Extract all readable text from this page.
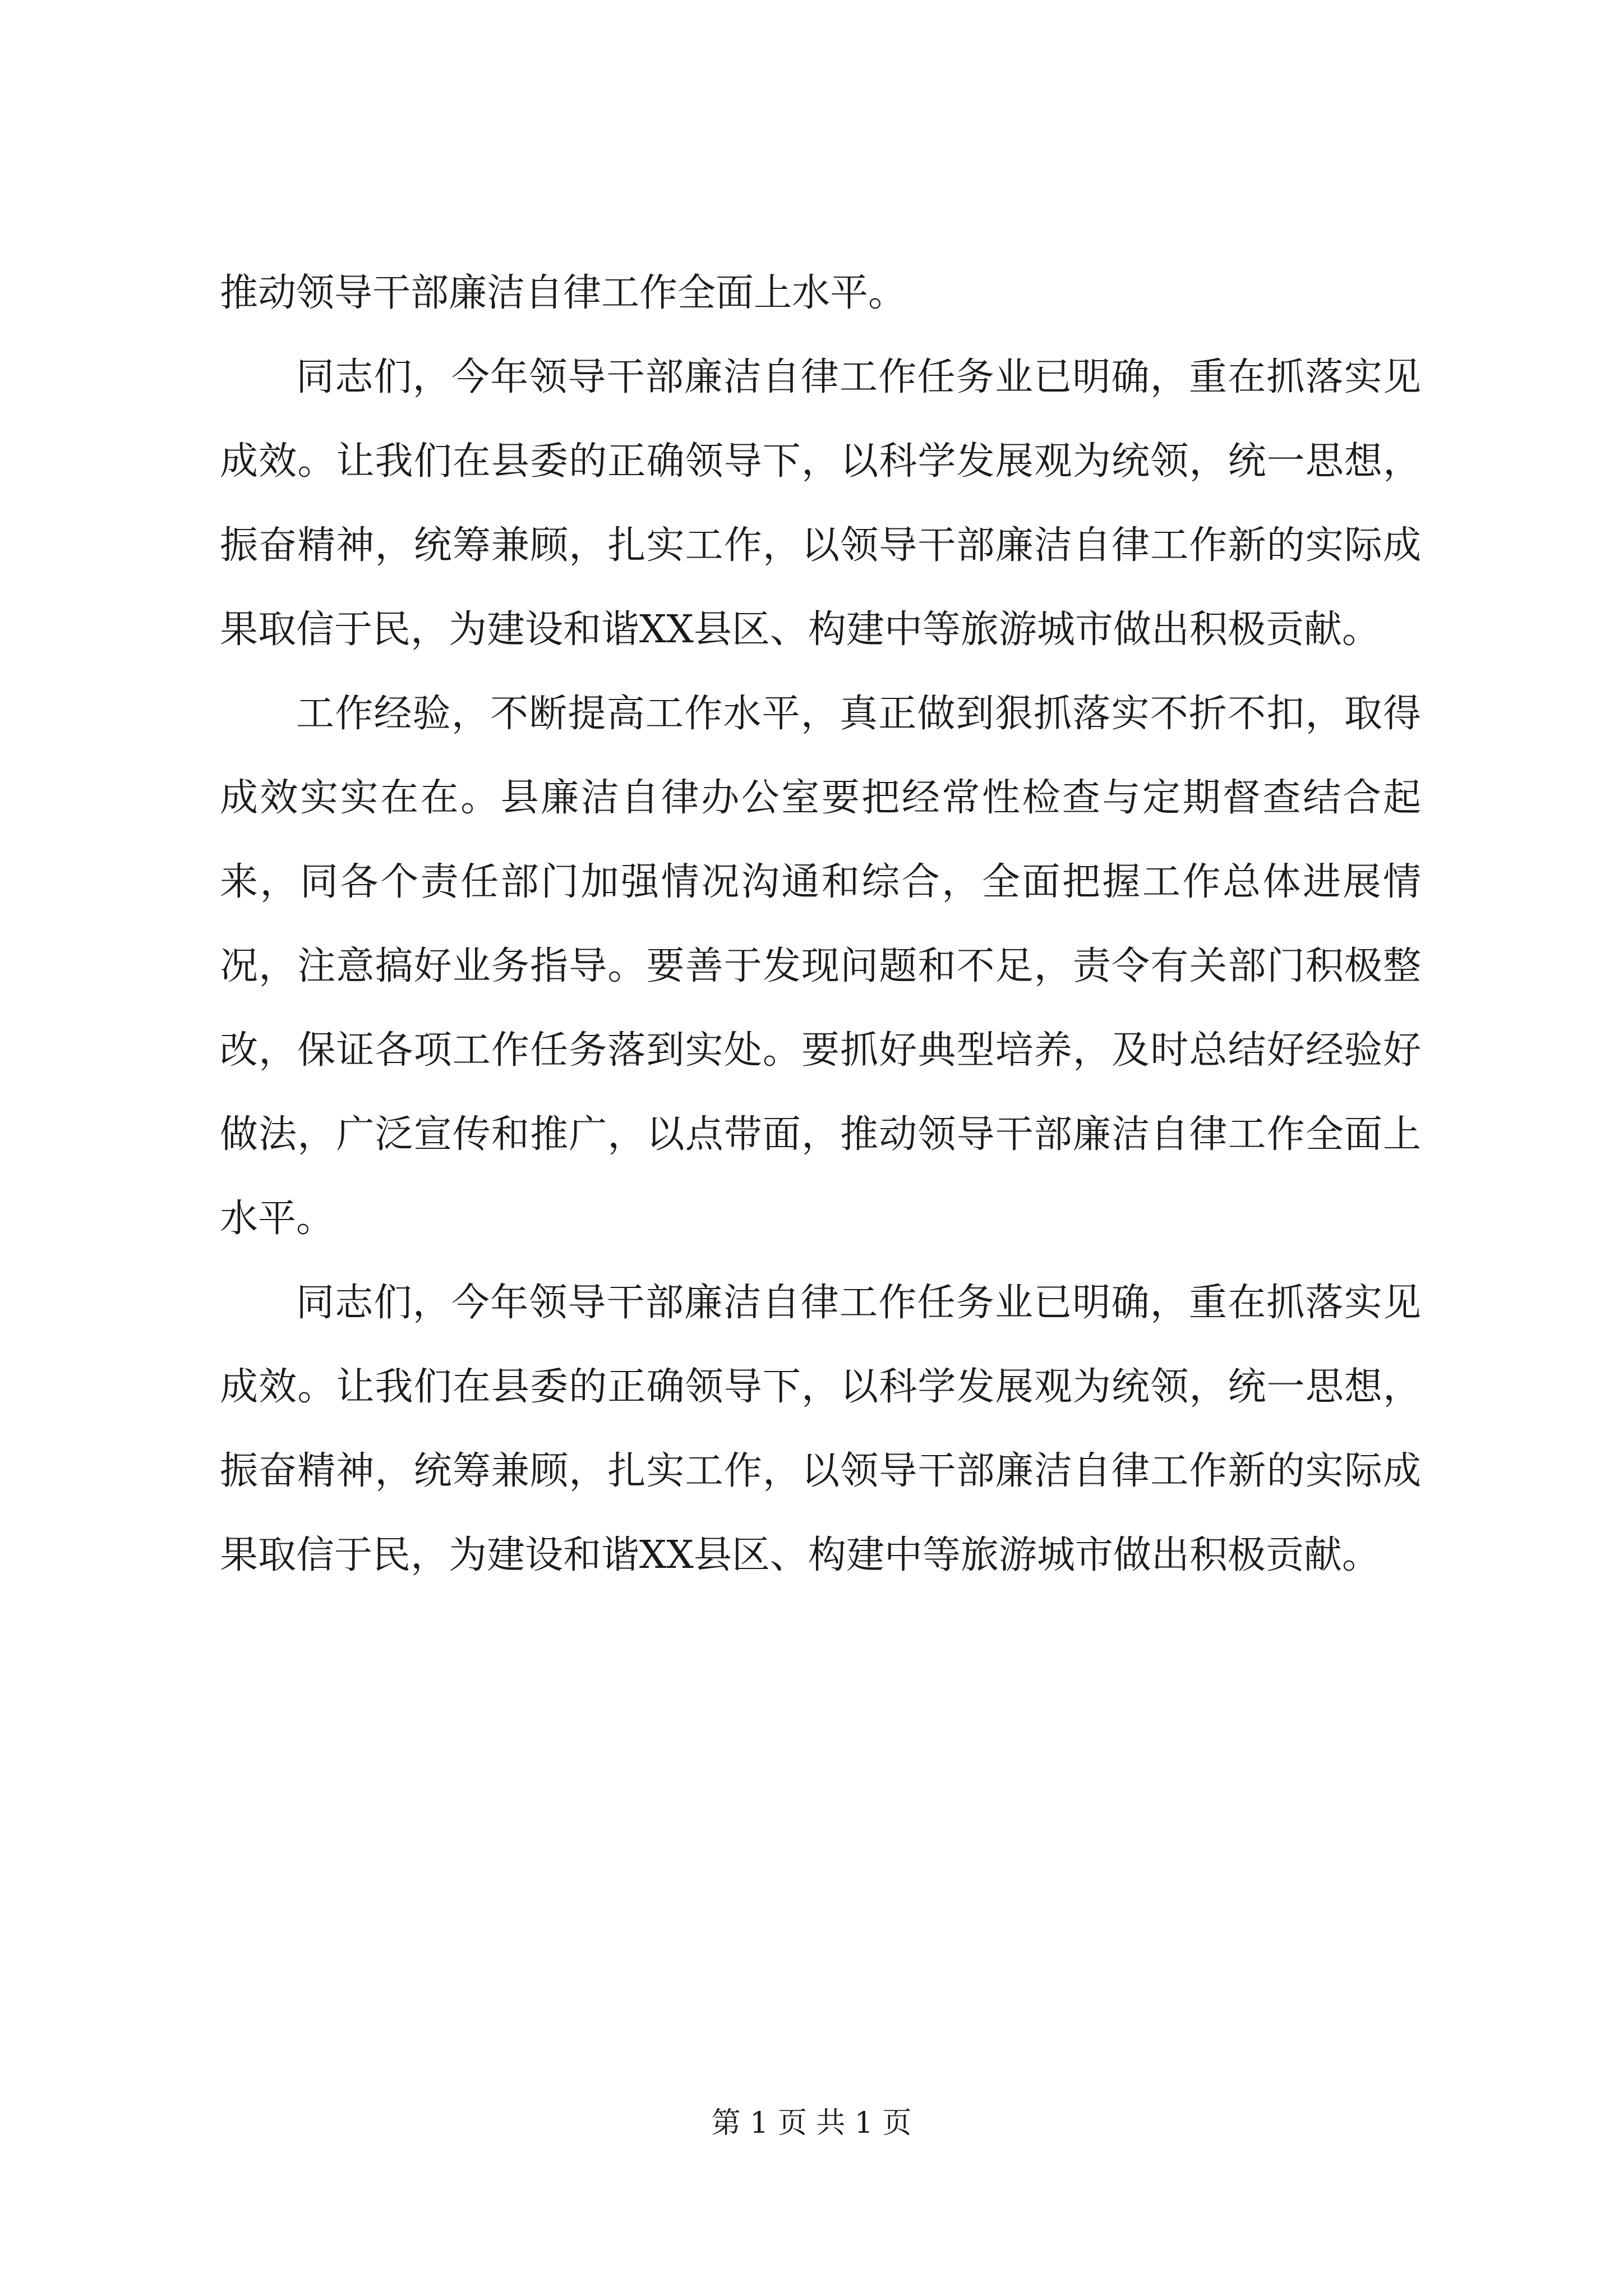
推动领导干部廉洁自律工作全面上水平。

同志们，今年领导干部廉洁自律工作任务业已明确，重在抓落实见成效。让我们在县委的正确领导下，以科学发展观为统领，统一思想，振奋精神，统筹兼顾，扎实工作，以领导干部廉洁自律工作新的实际成果取信于民，为建设和谐XX县区、构建中等旅游城市做出积极贡献。

工作经验，不断提高工作水平，真正做到狠抓落实不折不扣，取得成效实实在在。县廉洁自律办公室要把经常性检查与定期督查结合起来，同各个责任部门加强情况沟通和综合，全面把握工作总体进展情况，注意搞好业务指导。要善于发现问题和不足，责令有关部门积极整改，保证各项工作任务落到实处。要抓好典型培养，及时总结好经验好做法，广泛宣传和推广，以点带面，推动领导干部廉洁自律工作全面上水平。

同志们，今年领导干部廉洁自律工作任务业已明确，重在抓落实见成效。让我们在县委的正确领导下，以科学发展观为统领，统一思想，振奋精神，统筹兼顾，扎实工作，以领导干部廉洁自律工作新的实际成果取信于民，为建设和谐XX县区、构建中等旅游城市做出积极贡献。

第 1 页 共 1 页
